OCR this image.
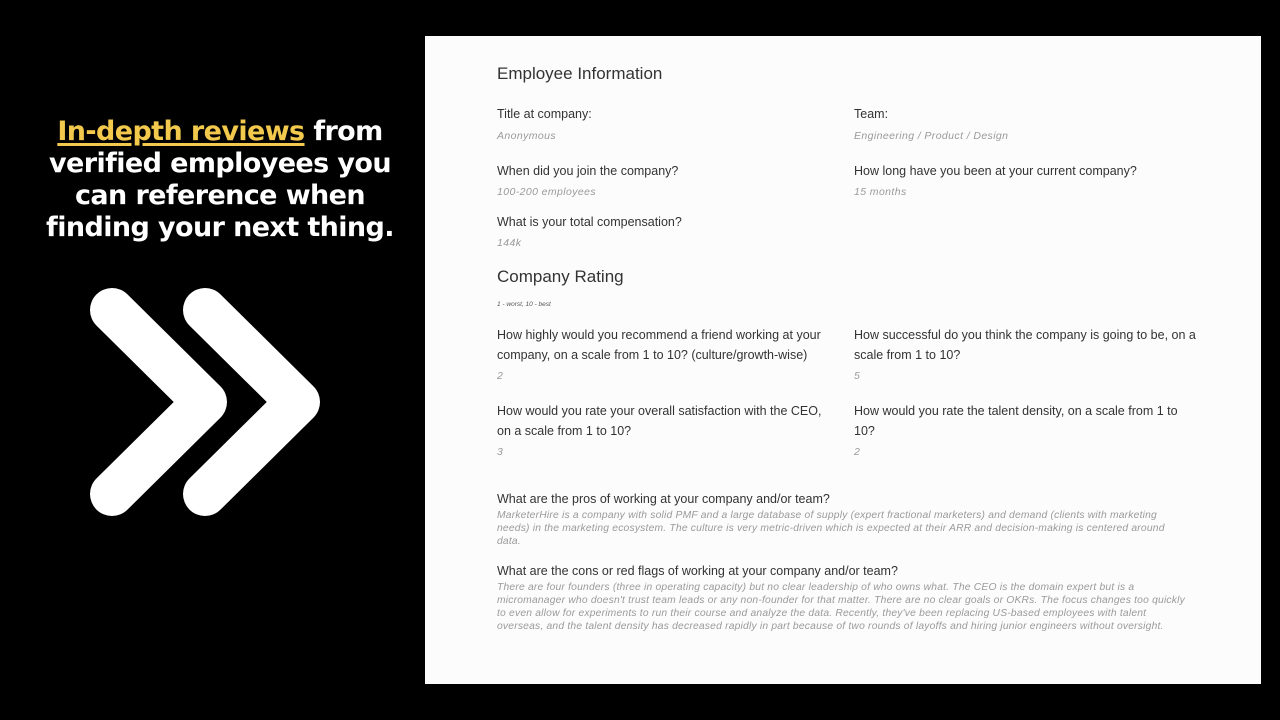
In-depth reviews from verified employees you can reference when finding your next thing.
Employee Information
Title at company:
Anonymous
Team:
Engineering / Product / Design
When did you join the company?
100-200 employees
How long have you been at your current company?
15 months
What is your total compensation?
144k
Company Rating
1 - worst, 10 - best
How highly would you recommend a friend working at your company, on a scale from 1 to 10? (culture/growth-wise)
2
How successful do you think the company is going to be, on a scale from 1 to 10?
5
How would you rate your overall satisfaction with the CEO, on a scale from 1 to 10?
3
How would you rate the talent density, on a scale from 1 to 10?
2
What are the pros of working at your company and/or team?
MarketerHire is a company with solid PMF and a large database of supply (expert fractional marketers) and demand (clients with marketing needs) in the marketing ecosystem. The culture is very metric-driven which is expected at their ARR and decision-making is centered around data.
What are the cons or red flags of working at your company and/or team?
There are four founders (three in operating capacity) but no clear leadership of who owns what. The CEO is the domain expert but is a micromanager who doesn't trust team leads or any non-founder for that matter. There are no clear goals or OKRs. The focus changes too quickly to even allow for experiments to run their course and analyze the data. Recently, they've been replacing US-based employees with talent overseas, and the talent density has decreased rapidly in part because of two rounds of layoffs and hiring junior engineers without oversight.
